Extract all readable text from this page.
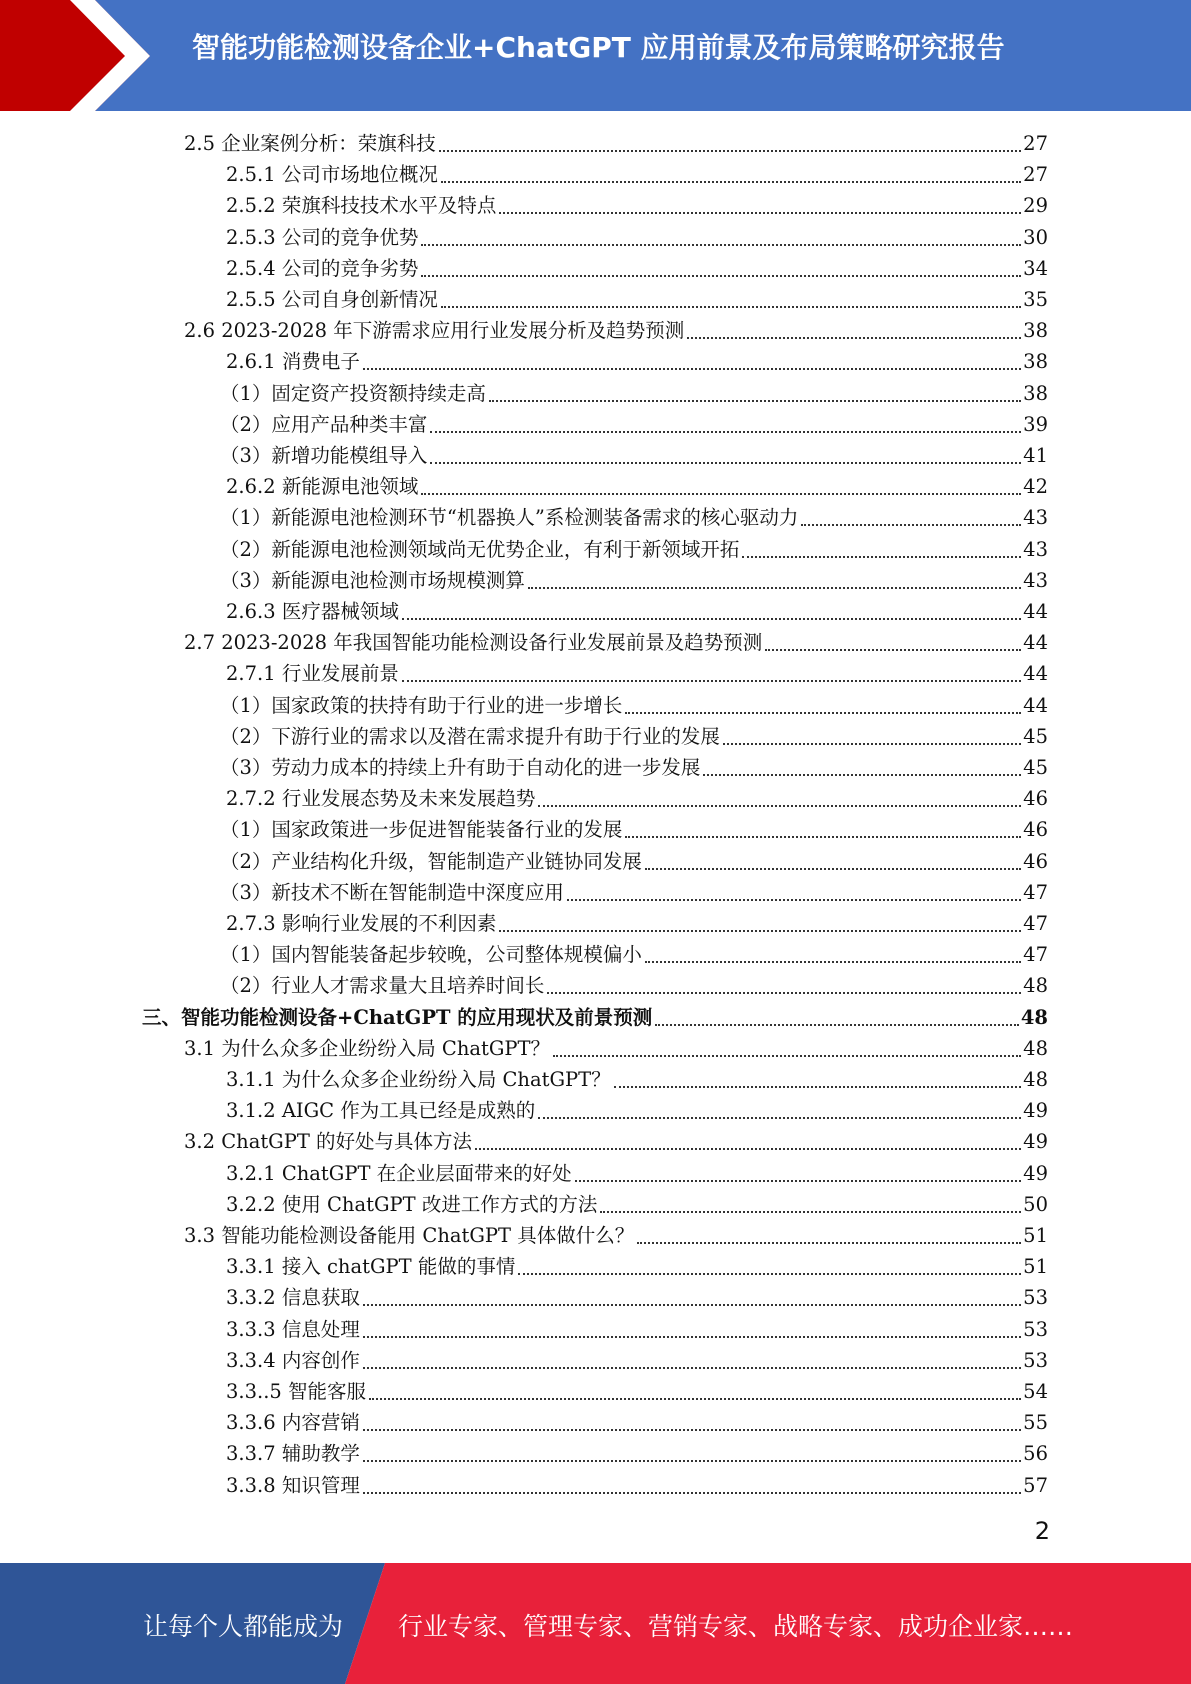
智能功能检测设备企业+ChatGPT 应用前景及布局策略研究报告
2.5 企业案例分析：荣旗科技	27
2.5.1 公司市场地位概况	27
2.5.2 荣旗科技技术水平及特点	29
2.5.3 公司的竞争优势	30
2.5.4 公司的竞争劣势	34
2.5.5 公司自身创新情况	35
2.6 2023-2028 年下游需求应用行业发展分析及趋势预测	38
2.6.1 消费电子	38
（1）固定资产投资额持续走高	38
（2）应用产品种类丰富	39
（3）新增功能模组导入	41
2.6.2 新能源电池领域	42
（1）新能源电池检测环节“机器换人”系检测装备需求的核心驱动力	43
（2）新能源电池检测领域尚无优势企业，有利于新领域开拓	43
（3）新能源电池检测市场规模测算	43
2.6.3 医疗器械领域	44
2.7 2023-2028 年我国智能功能检测设备行业发展前景及趋势预测	44
2.7.1 行业发展前景	44
（1）国家政策的扶持有助于行业的进一步增长	44
（2）下游行业的需求以及潜在需求提升有助于行业的发展	45
（3）劳动力成本的持续上升有助于自动化的进一步发展	45
2.7.2 行业发展态势及未来发展趋势	46
（1）国家政策进一步促进智能装备行业的发展	46
（2）产业结构化升级，智能制造产业链协同发展	46
（3）新技术不断在智能制造中深度应用	47
2.7.3 影响行业发展的不利因素	47
（1）国内智能装备起步较晚，公司整体规模偏小	47
（2）行业人才需求量大且培养时间长	48
三、智能功能检测设备+ChatGPT 的应用现状及前景预测	48
3.1 为什么众多企业纷纷入局 ChatGPT？	48
3.1.1 为什么众多企业纷纷入局 ChatGPT？	48
3.1.2 AIGC 作为工具已经是成熟的	49
3.2 ChatGPT 的好处与具体方法	49
3.2.1 ChatGPT 在企业层面带来的好处	49
3.2.2 使用 ChatGPT 改进工作方式的方法	50
3.3 智能功能检测设备能用 ChatGPT 具体做什么？	51
3.3.1 接入 chatGPT 能做的事情	51
3.3.2 信息获取	53
3.3.3 信息处理	53
3.3.4 内容创作	53
3.3..5 智能客服	54
3.3.6 内容营销	55
3.3.7 辅助教学	56
3.3.8 知识管理	57
2
让每个人都能成为 行业专家、管理专家、营销专家、战略专家、成功企业家……
